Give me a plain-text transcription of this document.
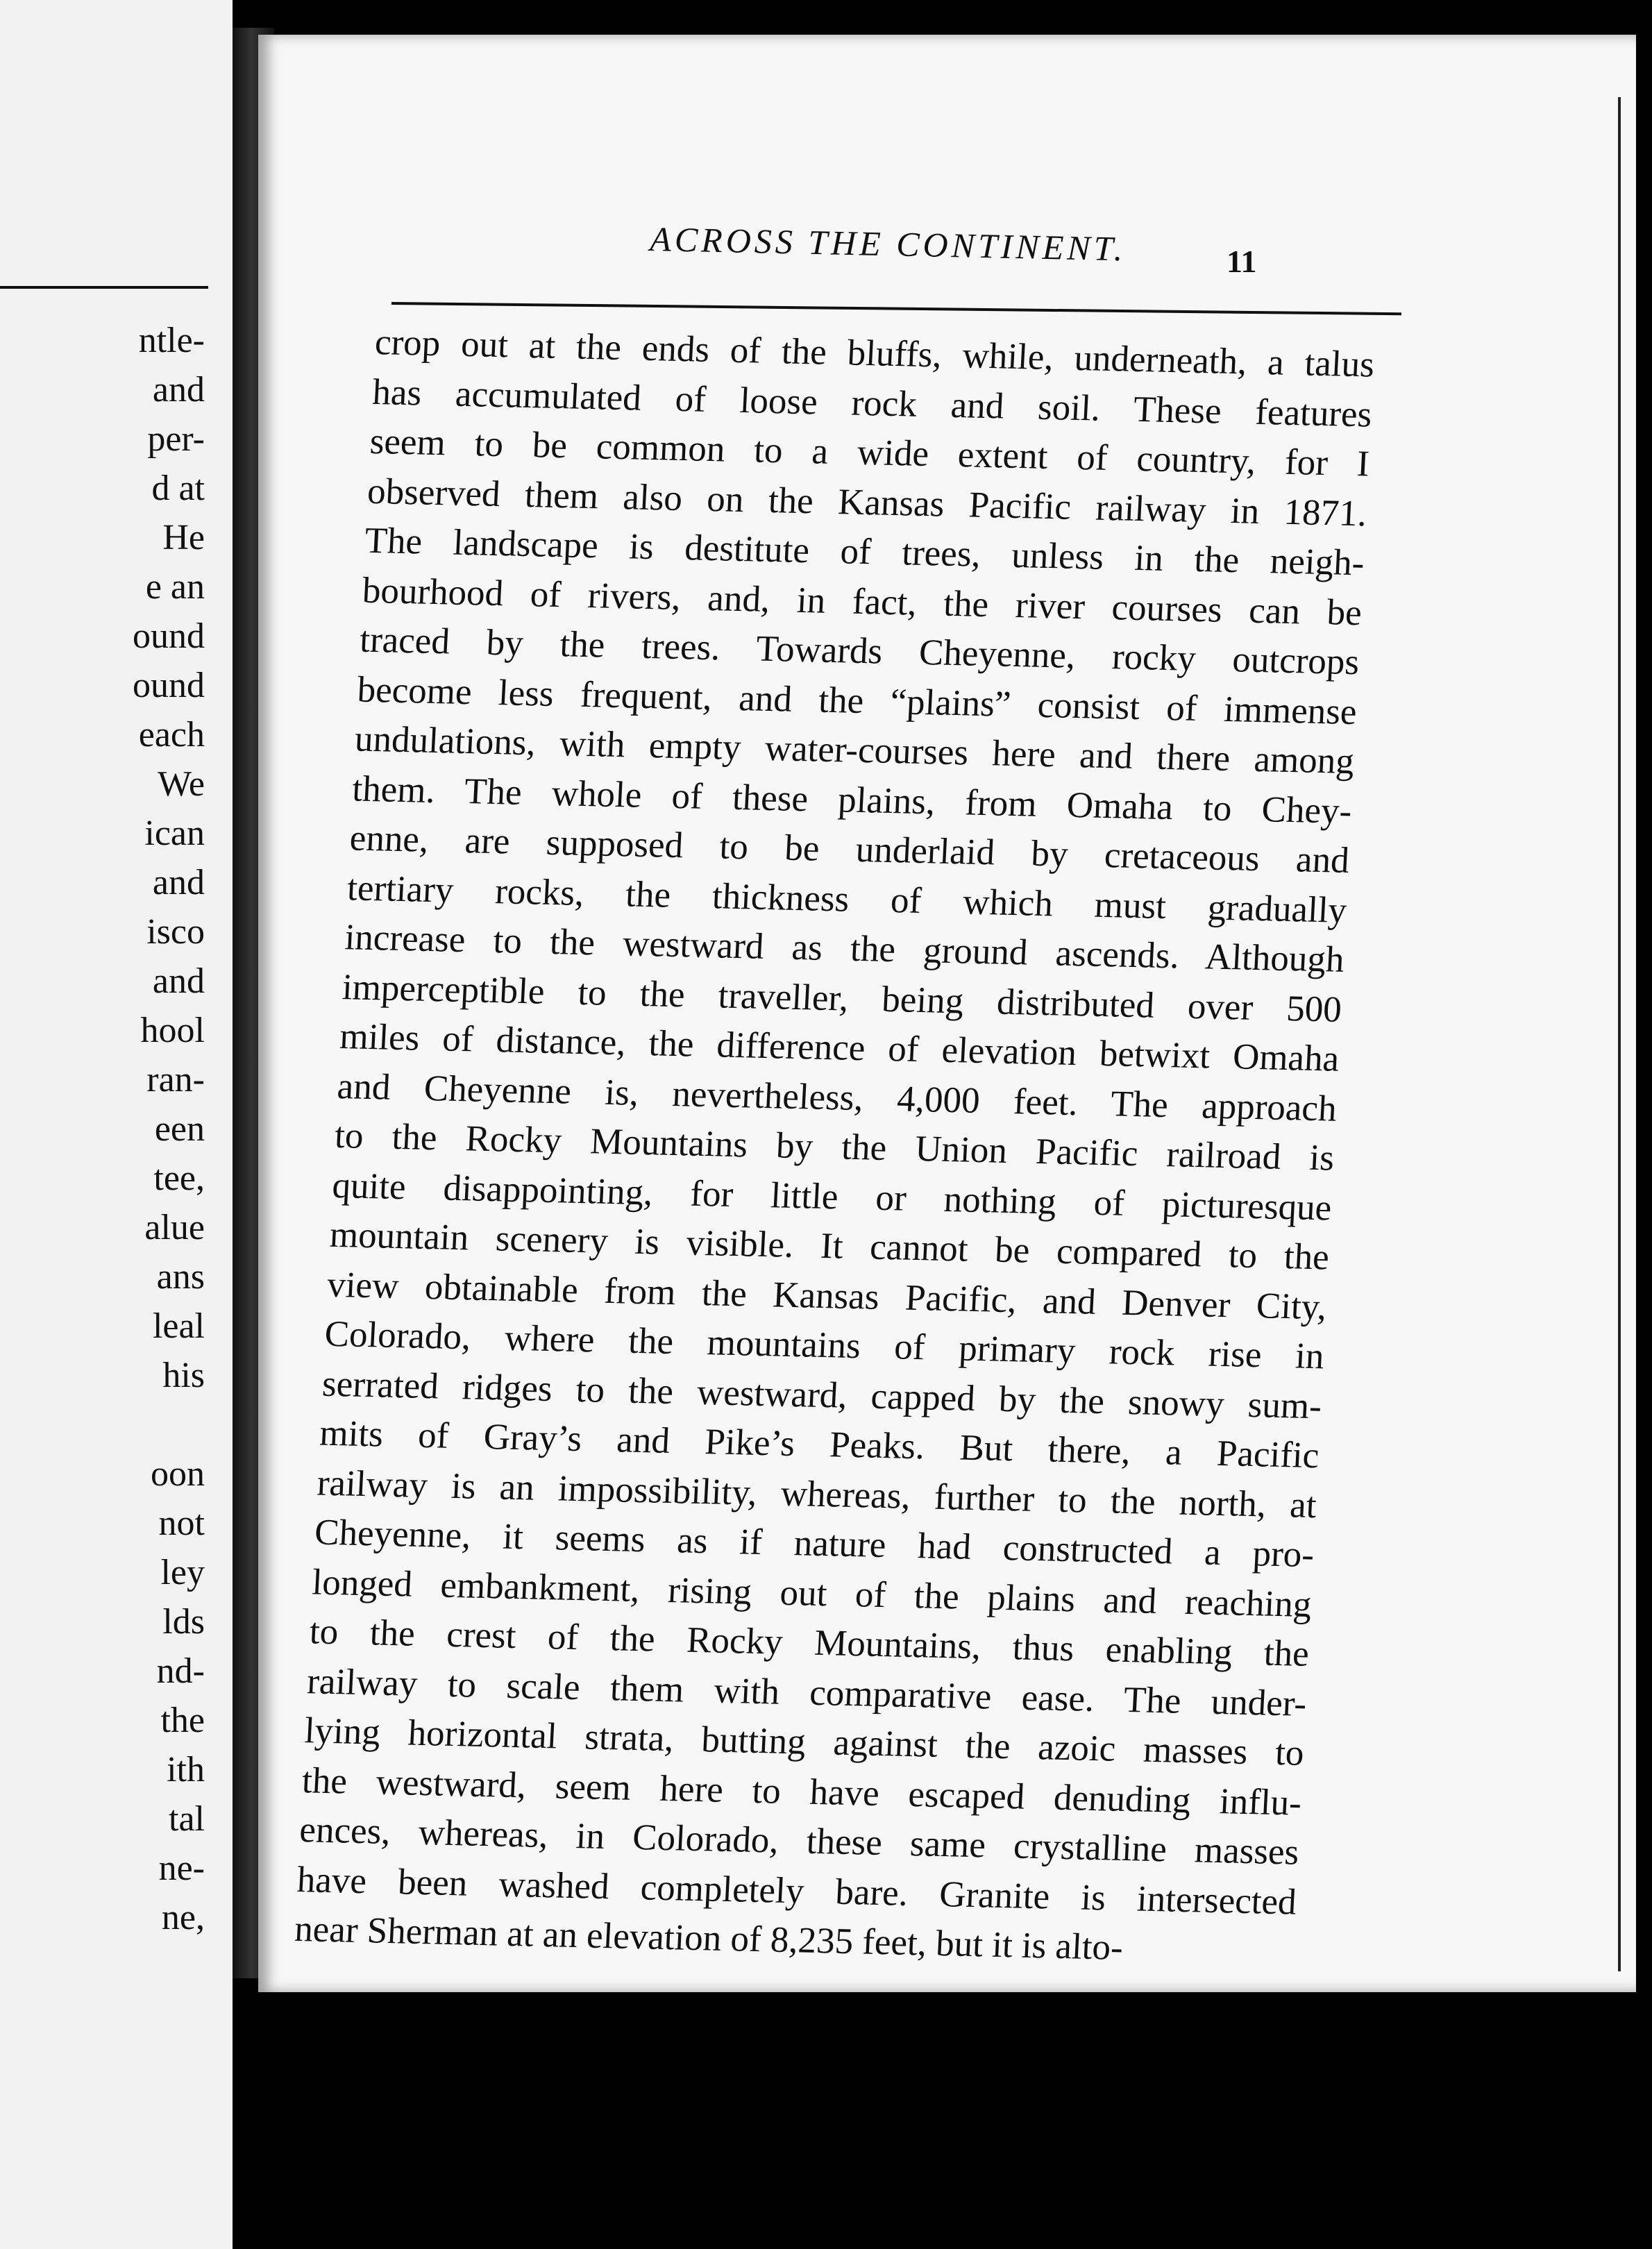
ntle-
and
per-
d at
He
e an
ound
ound
each
We
ican
and
isco
and
hool
ran-
een
tee,
alue
ans
leal
his
oon
not
ley
lds
nd-
the
ith
tal
ne-
ne,
ACROSS THE CONTINENT.	11
crop out at the ends of the bluffs, while, underneath, a talus
has accumulated of loose rock and soil. These features
seem to be common to a wide extent of country, for I
observed them also on the Kansas Pacific railway in 1871.
The landscape is destitute of trees, unless in the neigh-
bourhood of rivers, and, in fact, the river courses can be
traced by the trees. Towards Cheyenne, rocky outcrops
become less frequent, and the “plains” consist of immense
undulations, with empty water-courses here and there among
them. The whole of these plains, from Omaha to Chey-
enne, are supposed to be underlaid by cretaceous and
tertiary rocks, the thickness of which must gradually
increase to the westward as the ground ascends. Although
imperceptible to the traveller, being distributed over 500
miles of distance, the difference of elevation betwixt Omaha
and Cheyenne is, nevertheless, 4,000 feet. The approach
to the Rocky Mountains by the Union Pacific railroad is
quite disappointing, for little or nothing of picturesque
mountain scenery is visible. It cannot be compared to the
view obtainable from the Kansas Pacific, and Denver City,
Colorado, where the mountains of primary rock rise in
serrated ridges to the westward, capped by the snowy sum-
mits of Gray’s and Pike’s Peaks. But there, a Pacific
railway is an impossibility, whereas, further to the north, at
Cheyenne, it seems as if nature had constructed a pro-
longed embankment, rising out of the plains and reaching
to the crest of the Rocky Mountains, thus enabling the
railway to scale them with comparative ease. The under-
lying horizontal strata, butting against the azoic masses to
the westward, seem here to have escaped denuding influ-
ences, whereas, in Colorado, these same crystalline masses
have been washed completely bare. Granite is intersected
near Sherman at an elevation of 8,235 feet, but it is alto-
